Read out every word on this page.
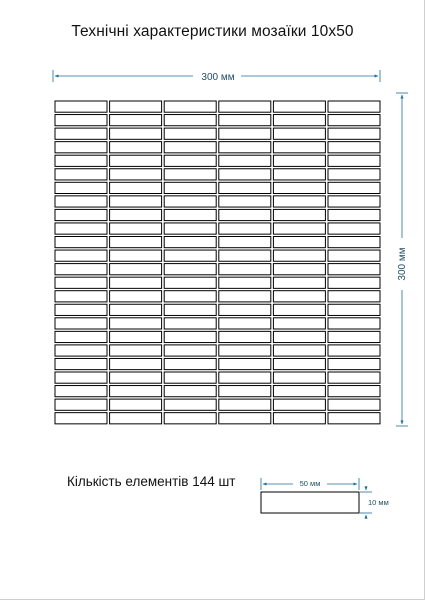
Технічні характеристики мозаїки 10х50
300 мм
300 мм
50 мм
10 мм
Кількість елементів 144 шт
